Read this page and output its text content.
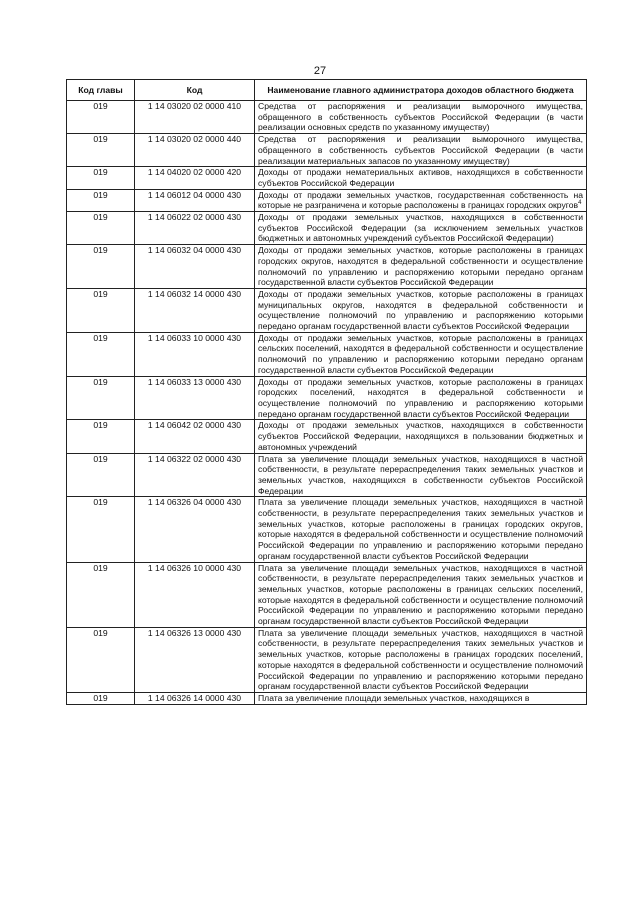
27
Код главы	Код	Наименование главного администратора доходов областного бюджета
019	1 14 03020 02 0000 410	Средства от распоряжения и реализации выморочного имущества, обращенного в собственность субъектов Российской Федерации (в части реализации основных средств по указанному имуществу)
019	1 14 03020 02 0000 440	Средства от распоряжения и реализации выморочного имущества, обращенного в собственность субъектов Российской Федерации (в части реализации материальных запасов по указанному имуществу)
019	1 14 04020 02 0000 420	Доходы от продажи нематериальных активов, находящихся в собственности субъектов Российской Федерации
019	1 14 06012 04 0000 430	Доходы от продажи земельных участков, государственная собственность на которые не разграничена и которые расположены в границах городских округов$^4$
019	1 14 06022 02 0000 430	Доходы от продажи земельных участков, находящихся в собственности субъектов Российской Федерации (за исключением земельных участков бюджетных и автономных учреждений субъектов Российской Федерации)
019	1 14 06032 04 0000 430	Доходы от продажи земельных участков, которые расположены в границах городских округов, находятся в федеральной собственности и осуществление полномочий по управлению и распоряжению которыми передано органам государственной власти субъектов Российской Федерации
019	1 14 06032 14 0000 430	Доходы от продажи земельных участков, которые расположены в границах муниципальных округов, находятся в федеральной собственности и осуществление полномочий по управлению и распоряжению которыми передано органам государственной власти субъектов Российской Федерации
019	1 14 06033 10 0000 430	Доходы от продажи земельных участков, которые расположены в границах сельских поселений, находятся в федеральной собственности и осуществление полномочий по управлению и распоряжению которыми передано органам государственной власти субъектов Российской Федерации
019	1 14 06033 13 0000 430	Доходы от продажи земельных участков, которые расположены в границах городских поселений, находятся в федеральной собственности и осуществление полномочий по управлению и распоряжению которыми передано органам государственной власти субъектов Российской Федерации
019	1 14 06042 02 0000 430	Доходы от продажи земельных участков, находящихся в собственности субъектов Российской Федерации, находящихся в пользовании бюджетных и автономных учреждений
019	1 14 06322 02 0000 430	Плата за увеличение площади земельных участков, находящихся в частной собственности, в результате перераспределения таких земельных участков и земельных участков, находящихся в собственности субъектов Российской Федерации
019	1 14 06326 04 0000 430	Плата за увеличение площади земельных участков, находящихся в частной собственности, в результате перераспределения таких земельных участков и земельных участков, которые расположены в границах городских округов, которые находятся в федеральной собственности и осуществление полномочий Российской Федерации по управлению и распоряжению которыми передано органам государственной власти субъектов Российской Федерации
019	1 14 06326 10 0000 430	Плата за увеличение площади земельных участков, находящихся в частной собственности, в результате перераспределения таких земельных участков и земельных участков, которые расположены в границах сельских поселений, которые находятся в федеральной собственности и осуществление полномочий Российской Федерации по управлению и распоряжению которыми передано органам государственной власти субъектов Российской Федерации
019	1 14 06326 13 0000 430	Плата за увеличение площади земельных участков, находящихся в частной собственности, в результате перераспределения таких земельных участков и земельных участков, которые расположены в границах городских поселений, которые находятся в федеральной собственности и осуществление полномочий Российской Федерации по управлению и распоряжению которыми передано органам государственной власти субъектов Российской Федерации
019	1 14 06326 14 0000 430	Плата за увеличение площади земельных участков, находящихся в
